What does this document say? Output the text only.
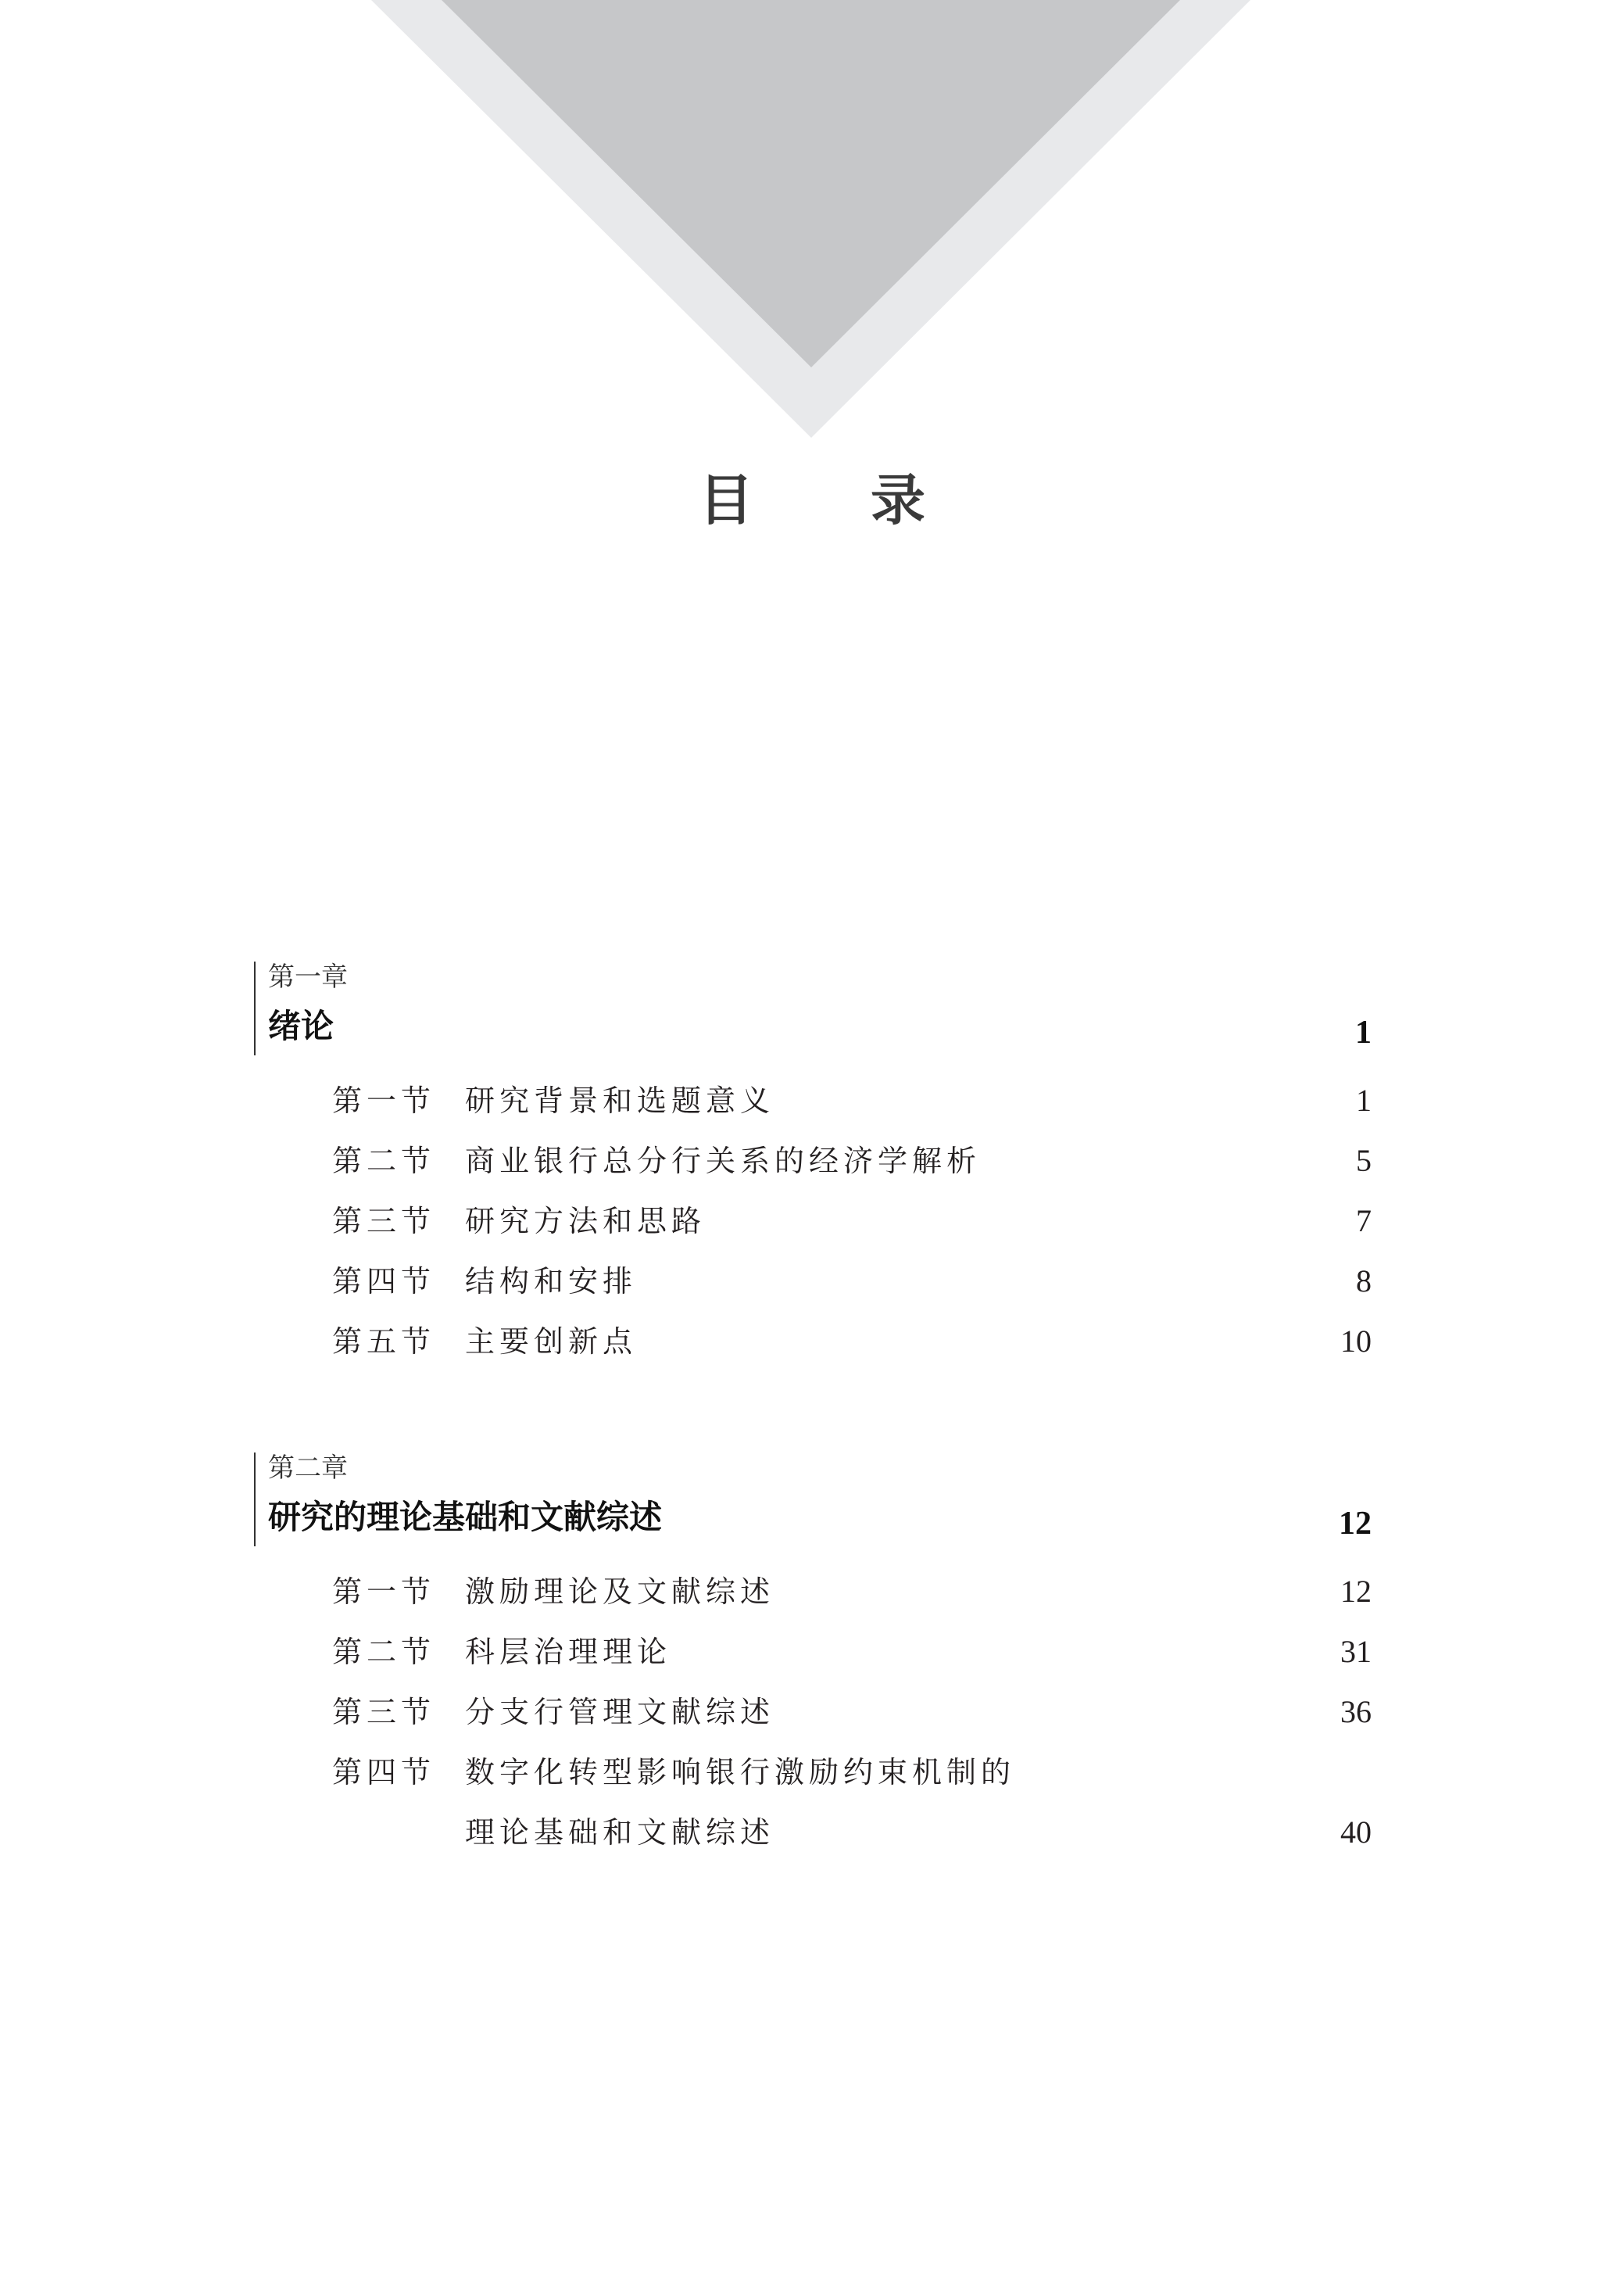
目录
第一章
绪论	1
第一节 研究背景和选题意义	1
第二节 商业银行总分行关系的经济学解析	5
第三节 研究方法和思路	7
第四节 结构和安排	8
第五节 主要创新点	10
第二章
研究的理论基础和文献综述	12
第一节 激励理论及文献综述	12
第二节 科层治理理论	31
第三节 分支行管理文献综述	36
第四节 数字化转型影响银行激励约束机制的
理论基础和文献综述	40
